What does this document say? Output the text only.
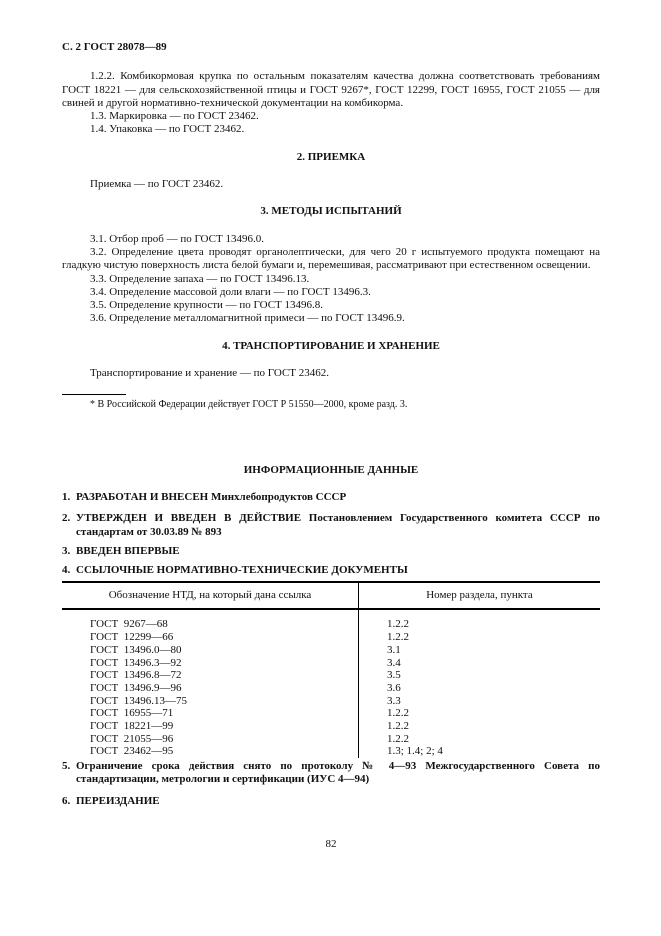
С. 2 ГОСТ 28078—89

1.2.2. Комбикормовая крупка по остальным показателям качества должна соответствовать требованиям ГОСТ 18221 — для сельскохозяйственной птицы и ГОСТ 9267*, ГОСТ 12299, ГОСТ 16955, ГОСТ 21055 — для свиней и другой нормативно-технической документации на комбикорма.

1.3. Маркировка — по ГОСТ 23462.

1.4. Упаковка — по ГОСТ 23462.

2. ПРИЕМКА

Приемка — по ГОСТ 23462.

3. МЕТОДЫ ИСПЫТАНИЙ

3.1. Отбор проб — по ГОСТ 13496.0.

3.2. Определение цвета проводят органолептически, для чего 20 г испытуемого продукта помещают на гладкую чистую поверхность листа белой бумаги и, перемешивая, рассматривают при естественном освещении.

3.3. Определение запаха — по ГОСТ 13496.13.

3.4. Определение массовой доли влаги — по ГОСТ 13496.3.

3.5. Определение крупности — по ГОСТ 13496.8.

3.6. Определение металломагнитной примеси — по ГОСТ 13496.9.

4. ТРАНСПОРТИРОВАНИЕ И ХРАНЕНИЕ

Транспортирование и хранение — по ГОСТ 23462.

* В Российской Федерации действует ГОСТ Р 51550—2000, кроме разд. 3.

ИНФОРМАЦИОННЫЕ ДАННЫЕ
1. РАЗРАБОТАН И ВНЕСЕН Минхлебопродуктов СССР
2. УТВЕРЖДЕН И ВВЕДЕН В ДЕЙСТВИЕ Постановлением Государственного комитета СССР по стандартам от 30.03.89 № 893
3. ВВЕДЕН ВПЕРВЫЕ
4. ССЫЛОЧНЫЕ НОРМАТИВНО-ТЕХНИЧЕСКИЕ ДОКУМЕНТЫ
Обозначение НТД, на который дана ссылка	Номер раздела, пункта
ГОСТ  9267—68	1.2.2
ГОСТ  12299—66	1.2.2
ГОСТ  13496.0—80	3.1
ГОСТ  13496.3—92	3.4
ГОСТ  13496.8—72	3.5
ГОСТ  13496.9—96	3.6
ГОСТ  13496.13—75	3.3
ГОСТ  16955—71	1.2.2
ГОСТ  18221—99	1.2.2
ГОСТ  21055—96	1.2.2
ГОСТ  23462—95	1.3; 1.4; 2; 4
5. Ограничение срока действия снято по протоколу № 4—93 Межгосударственного Совета по стандартизации, метрологии и сертификации (ИУС 4—94)
6. ПЕРЕИЗДАНИЕ
82
